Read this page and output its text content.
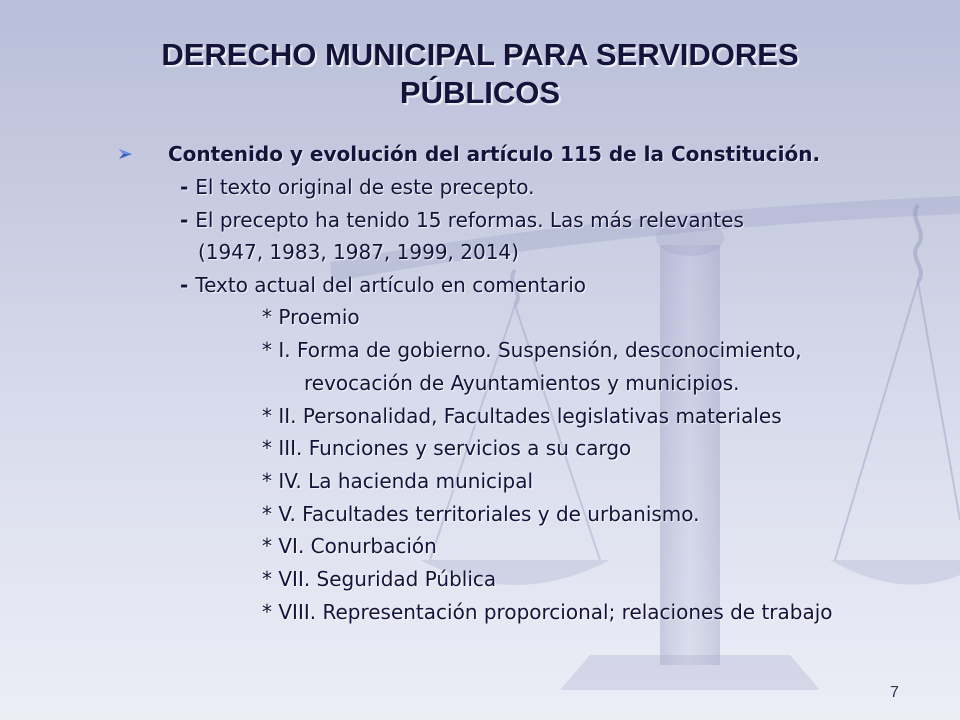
DERECHO MUNICIPAL PARA SERVIDORES
PÚBLICOS
Contenido y evolución del artículo 115 de la Constitución.
- El texto original de este precepto.
- El precepto ha tenido 15 reformas. Las más relevantes
(1947, 1983, 1987, 1999, 2014)
- Texto actual del artículo en comentario
* Proemio
* I. Forma de gobierno. Suspensión, desconocimiento,
revocación de Ayuntamientos y municipios.
* II. Personalidad, Facultades legislativas materiales
* III. Funciones y servicios a su cargo
* IV. La hacienda municipal
* V. Facultades territoriales y de urbanismo.
* VI. Conurbación
* VII. Seguridad Pública
* VIII. Representación proporcional; relaciones de trabajo
7
